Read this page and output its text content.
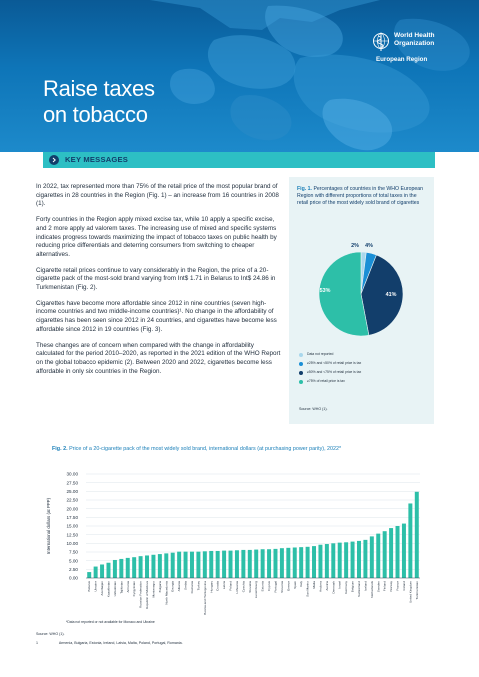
World Health Organization
European Region
Raise taxes
on tobacco
KEY MESSAGES

In 2022, tax represented more than 75% of the retail price of the most popular brand of cigarettes in 28 countries in the Region (Fig. 1) – an increase from 16 countries in 2008 (1).

Forty countries in the Region apply mixed excise tax, while 10 apply a specific excise, and 2 more apply ad valorem taxes. The increasing use of mixed and specific systems indicates progress towards maximizing the impact of tobacco taxes on public health by reducing price differentials and deterring consumers from switching to cheaper alternatives.

Cigarette retail prices continue to vary considerably in the Region, the price of a 20-cigarette pack of the most-sold brand varying from Int$ 1.71 in Belarus to Int$ 24.86 in Turkmenistan (Fig. 2).

Cigarettes have become more affordable since 2012 in nine countries (seven high-income countries and two middle-income countries)¹. No change in the affordability of cigarettes has been seen since 2012 in 24 countries, and cigarettes have become less affordable since 2012 in 19 countries (Fig. 3).

These changes are of concern when compared with the change in affordability calculated for the period 2010–2020, as reported in the 2021 edition of the WHO Report on the global tobacco epidemic (2). Between 2020 and 2022, cigarettes become less affordable in only six countries in the Region.

Fig. 1. Percentages of countries in the WHO European Region with different proportions of total taxes in the retail price of the most widely sold brand of cigarettes
2% 4%
41%
53%
Data not reported
≥25% and <50% of retail price is tax
≥50% and <75% of retail price is tax
≥75% of retail price is tax
Source: WHO (1).
Fig. 2. Price of a 20-cigarette pack of the most widely sold brand, international dollars (at purchasing power parity), 2022*
0.00
2.50
5.00
7.50
10.00
12.50
15.00
17.50
20.00
22.50
25.00
27.50
30.00
International dollars (at PPP)
Belarus Ukraine Azerbaijan Kazakhstan Uzbekistan Tajikistan Armenia Kyrgyzstan Russian Federation Republic of Moldova Montenegro Bulgaria North Macedonia Georgia Albania Serbia Romania Turkey Bosnia and Herzegovina Hungary Croatia Latvia Poland Lithuania Czechia Slovakia Luxembourg Estonia Cyprus Portugal Slovenia Greece Spain Italy San Marino Malta Andorra Austria Denmark Israel Germany Belgium Switzerland Iceland Netherlands Sweden Finland Norway France Ireland United Kingdom Turkmenistan
*Data not reported or not available for Monaco and Ukraine
Source: WHO (1).
1	Armenia, Bulgaria, Estonia, Ireland, Latvia, Malta, Poland, Portugal, Romania.
